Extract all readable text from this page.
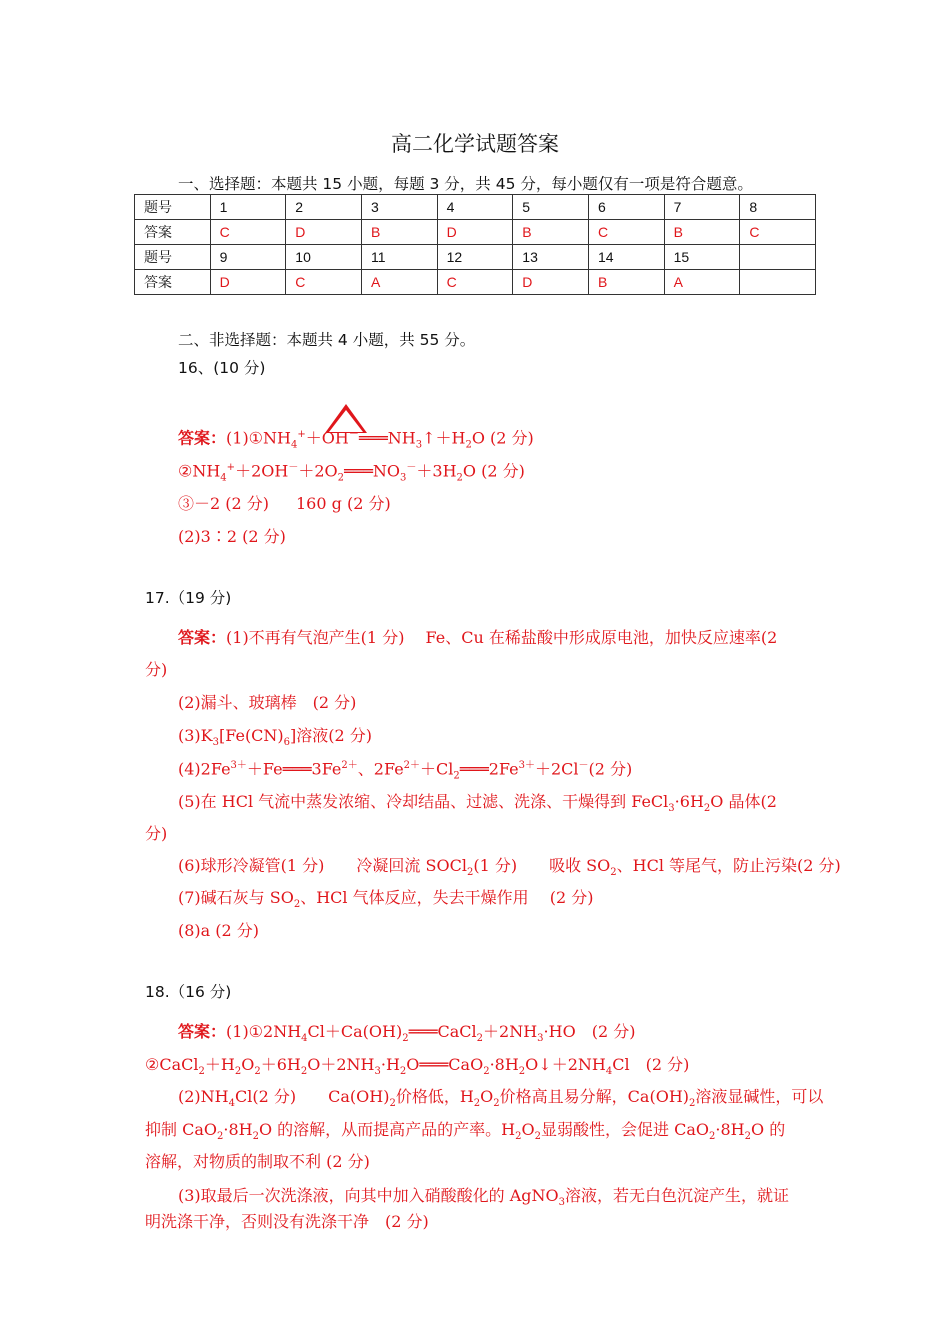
高二化学试题答案
一、选择题：本题共 15 小题，每题 3 分，共 45 分，每小题仅有一项是符合题意。
题号	1	2	3	4	5	6	7	8
答案	C	D	B	D	B	C	B	C
题号	9	10	11	12	13	14	15	
答案	D	C	A	C	D	B	A	
二、非选择题：本题共 4 小题，共 55 分。
16、(10 分)
答案：$(1)①NH_4^++OH^-═══NH_3↑+H_2O$ (2 分)
$②NH_4^++2OH^-+2O_2═══NO_3^-+3H_2O$ (2 分)
③－2 (2 分) 160 g (2 分)
(2)3∶2 (2 分)
17.（19 分)
答案：(1)不再有气泡产生(1 分)　 Fe、Cu 在稀盐酸中形成原电池，加快反应速率(2
分)
(2)漏斗、玻璃棒　(2 分)
$(3)K_3[Fe(CN)_6]$溶液(2 分)
$(4)2Fe^{3+}+Fe═══3Fe^{2+}$、$2Fe^{2+}+Cl_2═══2Fe^{3+}+2Cl^-(2$ 分)
(5)在 HCl 气流中蒸发浓缩、冷却结晶、过滤、洗涤、干燥得到 $FeCl_3\cdot 6H_2O$ 晶体(2
分)
(6)球形冷凝管(1 分)　　冷凝回流 SOCl$_2$(1 分)　　吸收 $SO_2$、HCl 等尾气，防止污染(2 分)
(7)碱石灰与 $SO_2$、HCl 气体反应，失去干燥作用　 (2 分)
(8)a (2 分)
18.（16 分)
答案：$(1)①2NH_4Cl+Ca(OH)_2═══CaCl_2+2NH_3\cdot HO$　(2 分)
$②CaCl_2+H_2O_2+6H_2O+2NH_3\cdot H_2O═══CaO_2\cdot 8H_2O↓+2NH_4Cl$　(2 分)
$(2)NH_4Cl(2$ 分)　　$Ca(OH)_2$价格低，$H_2O_2$价格高且易分解，$Ca(OH)_2$溶液显碱性，可以
抑制 $CaO_2\cdot 8H_2O$ 的溶解，从而提高产品的产率。$H_2O_2$显弱酸性，会促进 $CaO_2\cdot 8H_2O$ 的
溶解，对物质的制取不利 (2 分)
(3)取最后一次洗涤液，向其中加入硝酸酸化的 AgNO$_3$溶液，若无白色沉淀产生，就证
明洗涤干净，否则没有洗涤干净　(2 分)
